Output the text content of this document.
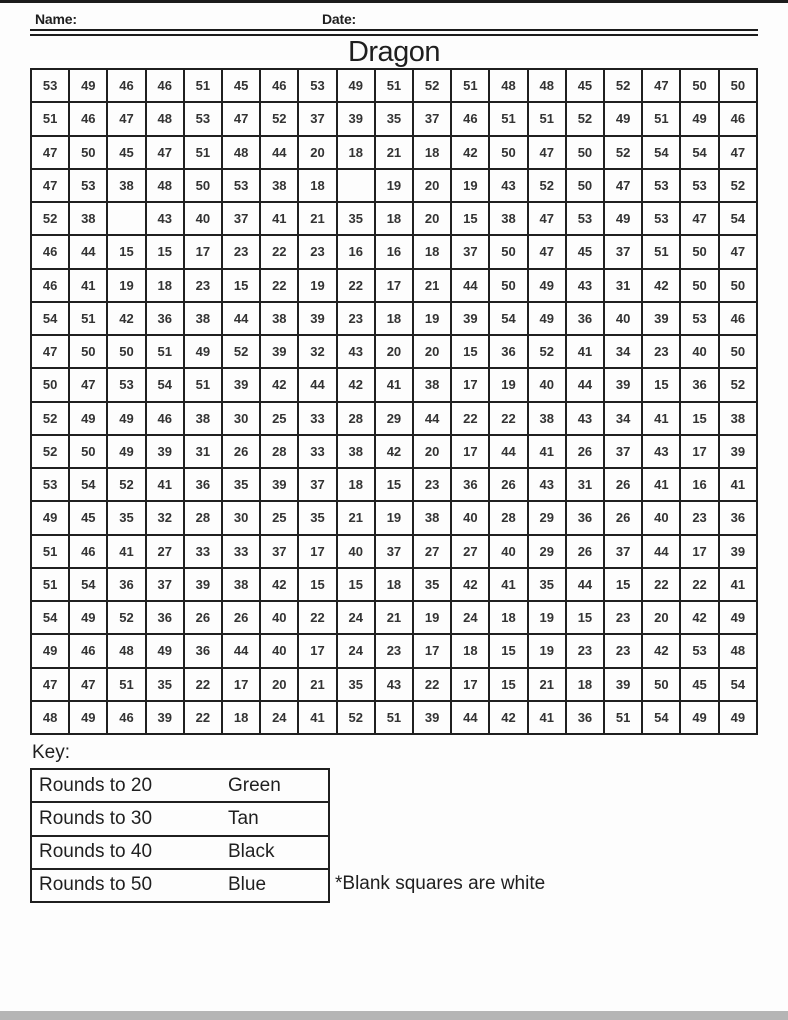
Name:	Date:
Dragon
53	49	46	46	51	45	46	53	49	51	52	51	48	48	45	52	47	50	50
51	46	47	48	53	47	52	37	39	35	37	46	51	51	52	49	51	49	46
47	50	45	47	51	48	44	20	18	21	18	42	50	47	50	52	54	54	47
47	53	38	48	50	53	38	18		19	20	19	43	52	50	47	53	53	52
52	38		43	40	37	41	21	35	18	20	15	38	47	53	49	53	47	54
46	44	15	15	17	23	22	23	16	16	18	37	50	47	45	37	51	50	47
46	41	19	18	23	15	22	19	22	17	21	44	50	49	43	31	42	50	50
54	51	42	36	38	44	38	39	23	18	19	39	54	49	36	40	39	53	46
47	50	50	51	49	52	39	32	43	20	20	15	36	52	41	34	23	40	50
50	47	53	54	51	39	42	44	42	41	38	17	19	40	44	39	15	36	52
52	49	49	46	38	30	25	33	28	29	44	22	22	38	43	34	41	15	38
52	50	49	39	31	26	28	33	38	42	20	17	44	41	26	37	43	17	39
53	54	52	41	36	35	39	37	18	15	23	36	26	43	31	26	41	16	41
49	45	35	32	28	30	25	35	21	19	38	40	28	29	36	26	40	23	36
51	46	41	27	33	33	37	17	40	37	27	27	40	29	26	37	44	17	39
51	54	36	37	39	38	42	15	15	18	35	42	41	35	44	15	22	22	41
54	49	52	36	26	26	40	22	24	21	19	24	18	19	15	23	20	42	49
49	46	48	49	36	44	40	17	24	23	17	18	15	19	23	23	42	53	48
47	47	51	35	22	17	20	21	35	43	22	17	15	21	18	39	50	45	54
48	49	46	39	22	18	24	41	52	51	39	44	42	41	36	51	54	49	49
Key:
Rounds to 20	Green
Rounds to 30	Tan
Rounds to 40	Black
Rounds to 50	Blue	*Blank squares are white
